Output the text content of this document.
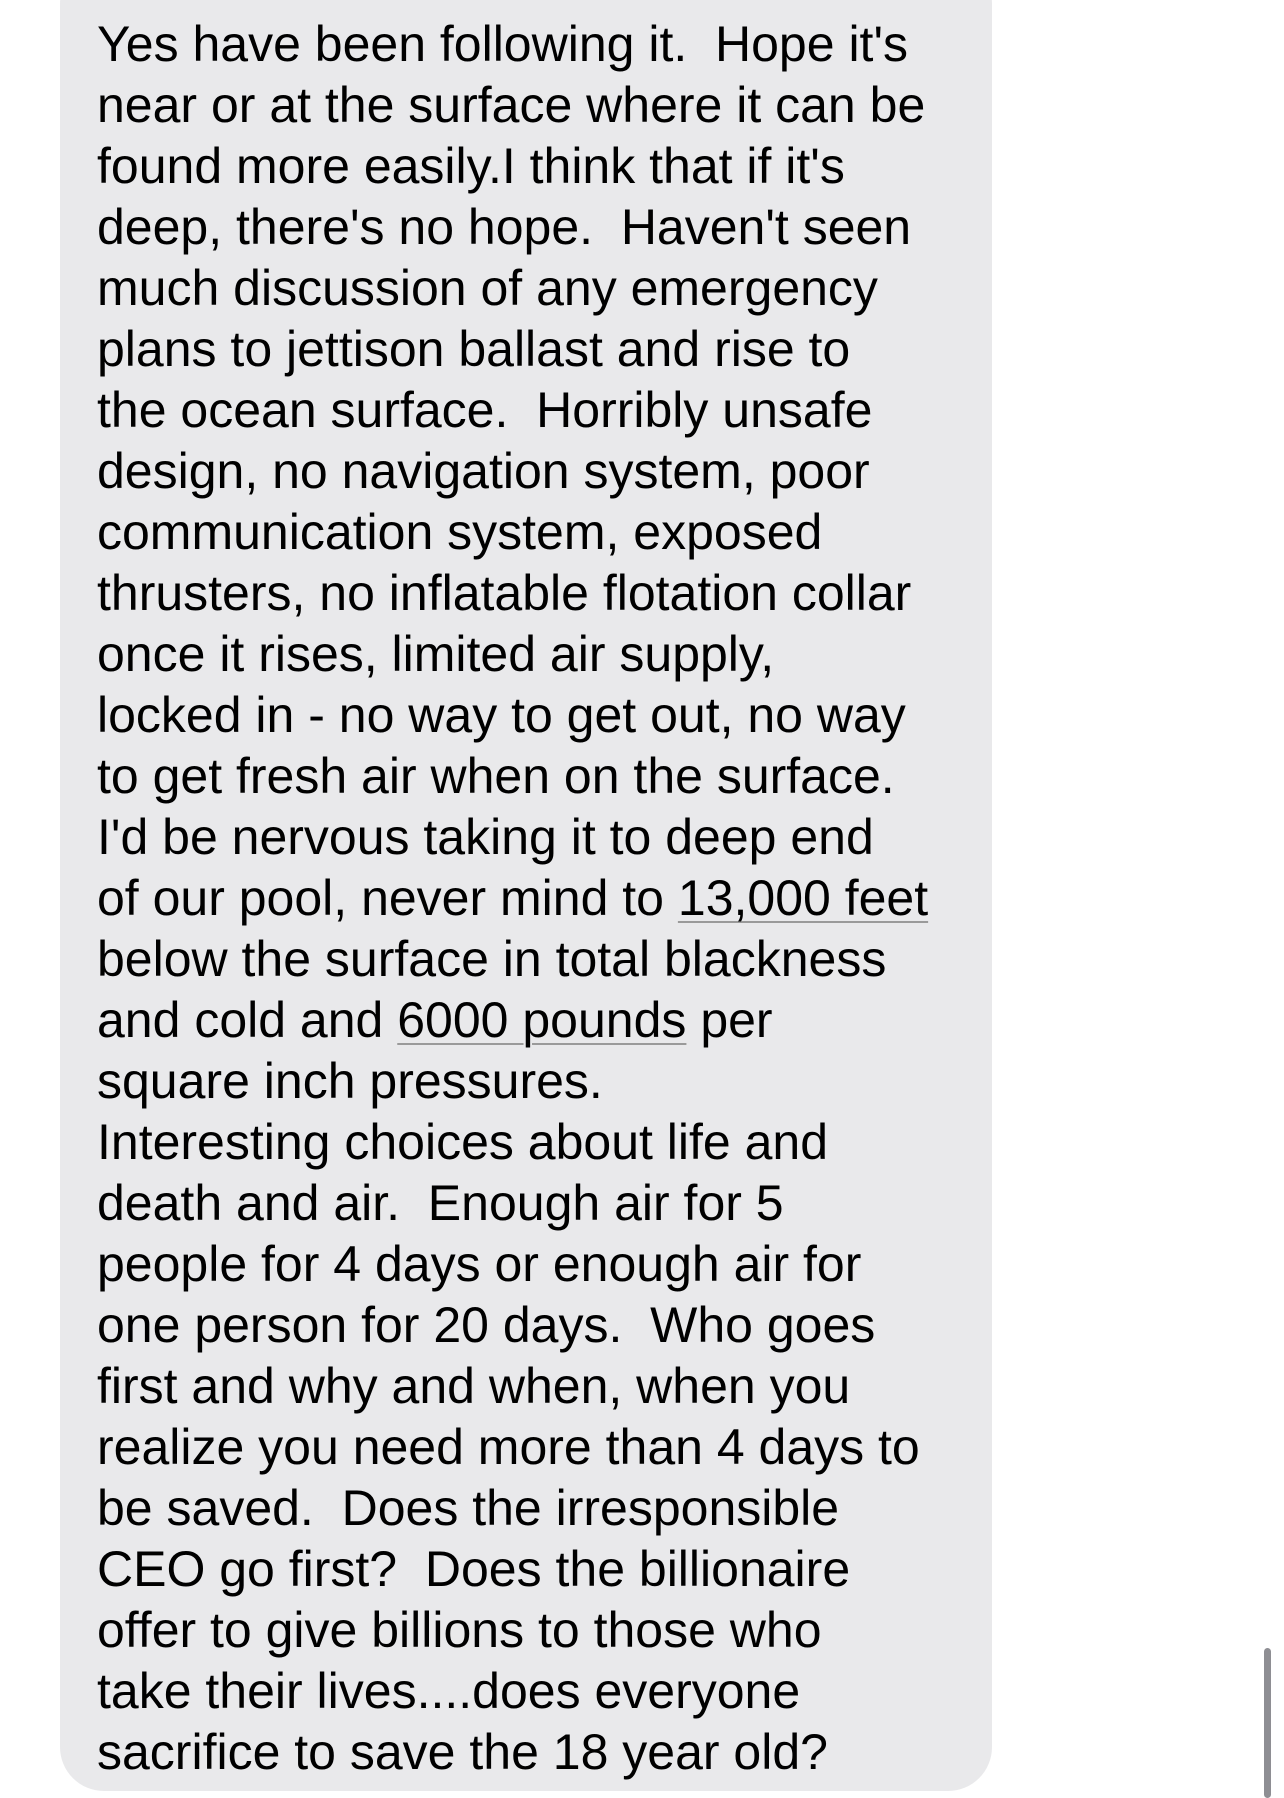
Yes have been following it.  Hope it's
near or at the surface where it can be
found more easily.I think that if it's
deep, there's no hope.  Haven't seen
much discussion of any emergency
plans to jettison ballast and rise to
the ocean surface.  Horribly unsafe
design, no navigation system, poor
communication system, exposed
thrusters, no inflatable flotation collar
once it rises, limited air supply,
locked in - no way to get out, no way
to get fresh air when on the surface.
I'd be nervous taking it to deep end
of our pool, never mind to 13,000 feet
below the surface in total blackness
and cold and 6000 pounds per
square inch pressures.
Interesting choices about life and
death and air.  Enough air for 5
people for 4 days or enough air for
one person for 20 days.  Who goes
first and why and when, when you
realize you need more than 4 days to
be saved.  Does the irresponsible
CEO go first?  Does the billionaire
offer to give billions to those who
take their lives....does everyone
sacrifice to save the 18 year old?
